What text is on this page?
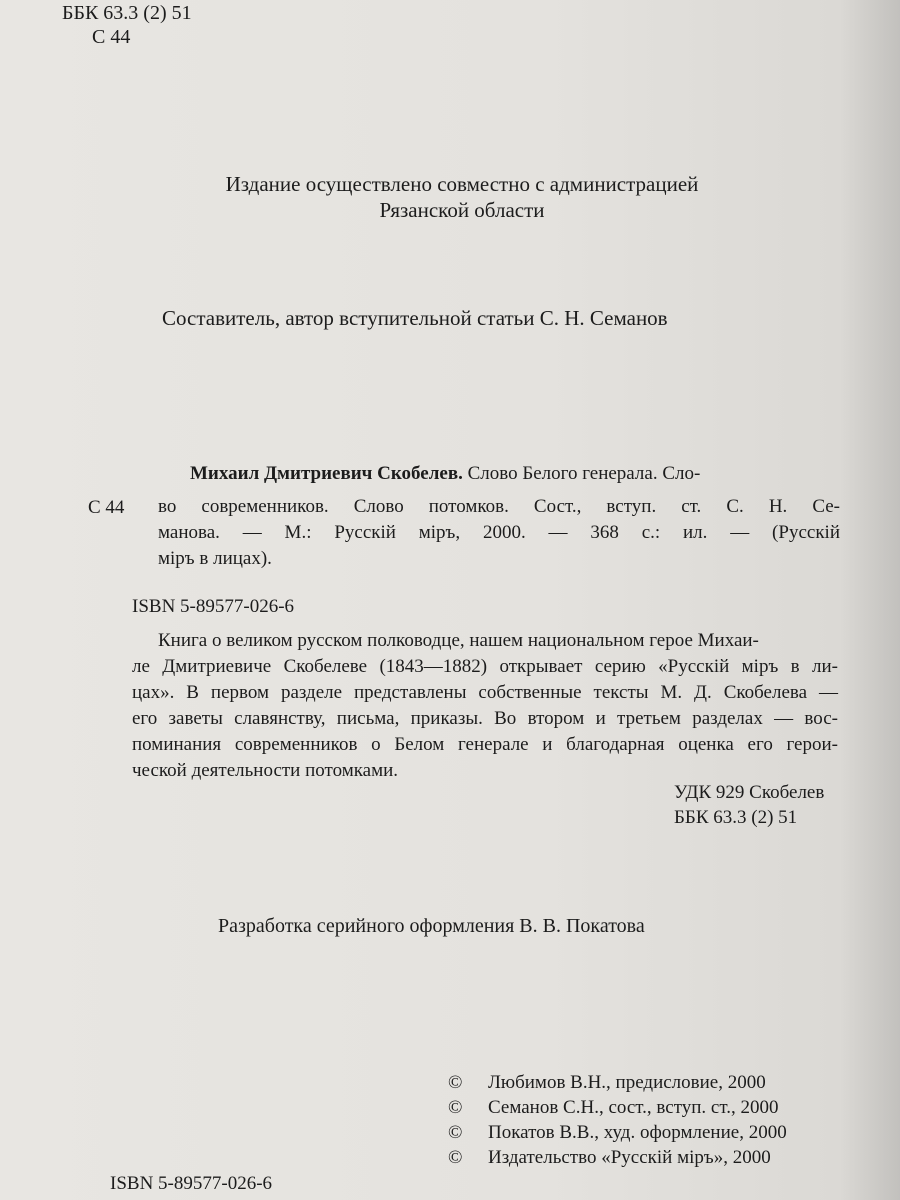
ББК 63.3 (2) 51
С 44
Издание осуществлено совместно с администрацией
Рязанской области
Составитель, автор вступительной статьи С. Н. Семанов
С 44
Михаил Дмитриевич Скобелев. Слово Белого генерала. Сло-
во современников. Слово потомков. Сост., вступ. ст. С. Н. Се-
манова. — М.: Русскiй мiръ, 2000. — 368 с.: ил. — (Русскiй
мiръ в лицах).
ISBN 5-89577-026-6
Книга о великом русском полководце, нашем национальном герое Михаи-
ле Дмитриевиче Скобелеве (1843—1882) открывает серию «Русскiй мiръ в ли-
цах». В первом разделе представлены собственные тексты М. Д. Скобелева —
его заветы славянству, письма, приказы. Во втором и третьем разделах — вос-
поминания современников о Белом генерале и благодарная оценка его герои-
ческой деятельности потомками.
УДК 929 Скобелев
ББК 63.3 (2) 51
Разработка серийного оформления В. В. Покатова
©	Любимов В.Н., предисловие, 2000
©	Семанов С.Н., сост., вступ. ст., 2000
©	Покатов В.В., худ. оформление, 2000
©	Издательство «Русскiй мiръ», 2000
ISBN 5-89577-026-6
